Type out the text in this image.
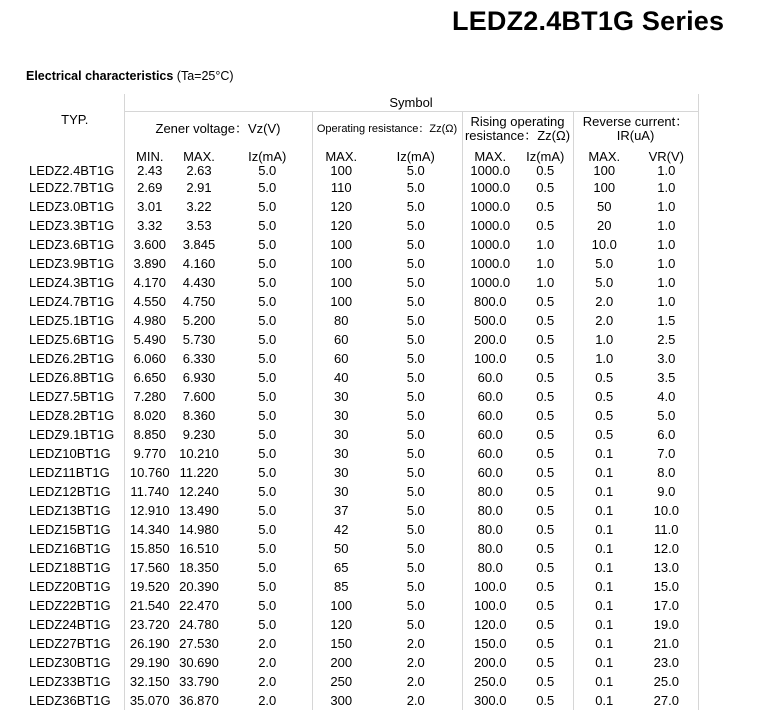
LEDZ2.4BT1G Series
Electrical characteristics (Ta=25°C)
TYP.	Symbol								
	Zener voltage：Vz(V)			Operating resistance：Zz(Ω)		Rising operating
resistance：Zz(Ω)		Reverse current：
IR(uA)	
	MIN.	MAX.	Iz(mA)	MAX.	Iz(mA)	MAX.	Iz(mA)	MAX.	VR(V)
LEDZ2.4BT1G	2.43	2.63	5.0	100	5.0	1000.0	0.5	100	1.0
LEDZ2.7BT1G	2.69	2.91	5.0	110	5.0	1000.0	0.5	100	1.0
LEDZ3.0BT1G	3.01	3.22	5.0	120	5.0	1000.0	0.5	50	1.0
LEDZ3.3BT1G	3.32	3.53	5.0	120	5.0	1000.0	0.5	20	1.0
LEDZ3.6BT1G	3.600	3.845	5.0	100	5.0	1000.0	1.0	10.0	1.0
LEDZ3.9BT1G	3.890	4.160	5.0	100	5.0	1000.0	1.0	5.0	1.0
LEDZ4.3BT1G	4.170	4.430	5.0	100	5.0	1000.0	1.0	5.0	1.0
LEDZ4.7BT1G	4.550	4.750	5.0	100	5.0	800.0	0.5	2.0	1.0
LEDZ5.1BT1G	4.980	5.200	5.0	80	5.0	500.0	0.5	2.0	1.5
LEDZ5.6BT1G	5.490	5.730	5.0	60	5.0	200.0	0.5	1.0	2.5
LEDZ6.2BT1G	6.060	6.330	5.0	60	5.0	100.0	0.5	1.0	3.0
LEDZ6.8BT1G	6.650	6.930	5.0	40	5.0	60.0	0.5	0.5	3.5
LEDZ7.5BT1G	7.280	7.600	5.0	30	5.0	60.0	0.5	0.5	4.0
LEDZ8.2BT1G	8.020	8.360	5.0	30	5.0	60.0	0.5	0.5	5.0
LEDZ9.1BT1G	8.850	9.230	5.0	30	5.0	60.0	0.5	0.5	6.0
LEDZ10BT1G	9.770	10.210	5.0	30	5.0	60.0	0.5	0.1	7.0
LEDZ11BT1G	10.760	11.220	5.0	30	5.0	60.0	0.5	0.1	8.0
LEDZ12BT1G	11.740	12.240	5.0	30	5.0	80.0	0.5	0.1	9.0
LEDZ13BT1G	12.910	13.490	5.0	37	5.0	80.0	0.5	0.1	10.0
LEDZ15BT1G	14.340	14.980	5.0	42	5.0	80.0	0.5	0.1	11.0
LEDZ16BT1G	15.850	16.510	5.0	50	5.0	80.0	0.5	0.1	12.0
LEDZ18BT1G	17.560	18.350	5.0	65	5.0	80.0	0.5	0.1	13.0
LEDZ20BT1G	19.520	20.390	5.0	85	5.0	100.0	0.5	0.1	15.0
LEDZ22BT1G	21.540	22.470	5.0	100	5.0	100.0	0.5	0.1	17.0
LEDZ24BT1G	23.720	24.780	5.0	120	5.0	120.0	0.5	0.1	19.0
LEDZ27BT1G	26.190	27.530	2.0	150	2.0	150.0	0.5	0.1	21.0
LEDZ30BT1G	29.190	30.690	2.0	200	2.0	200.0	0.5	0.1	23.0
LEDZ33BT1G	32.150	33.790	2.0	250	2.0	250.0	0.5	0.1	25.0
LEDZ36BT1G	35.070	36.870	2.0	300	2.0	300.0	0.5	0.1	27.0
